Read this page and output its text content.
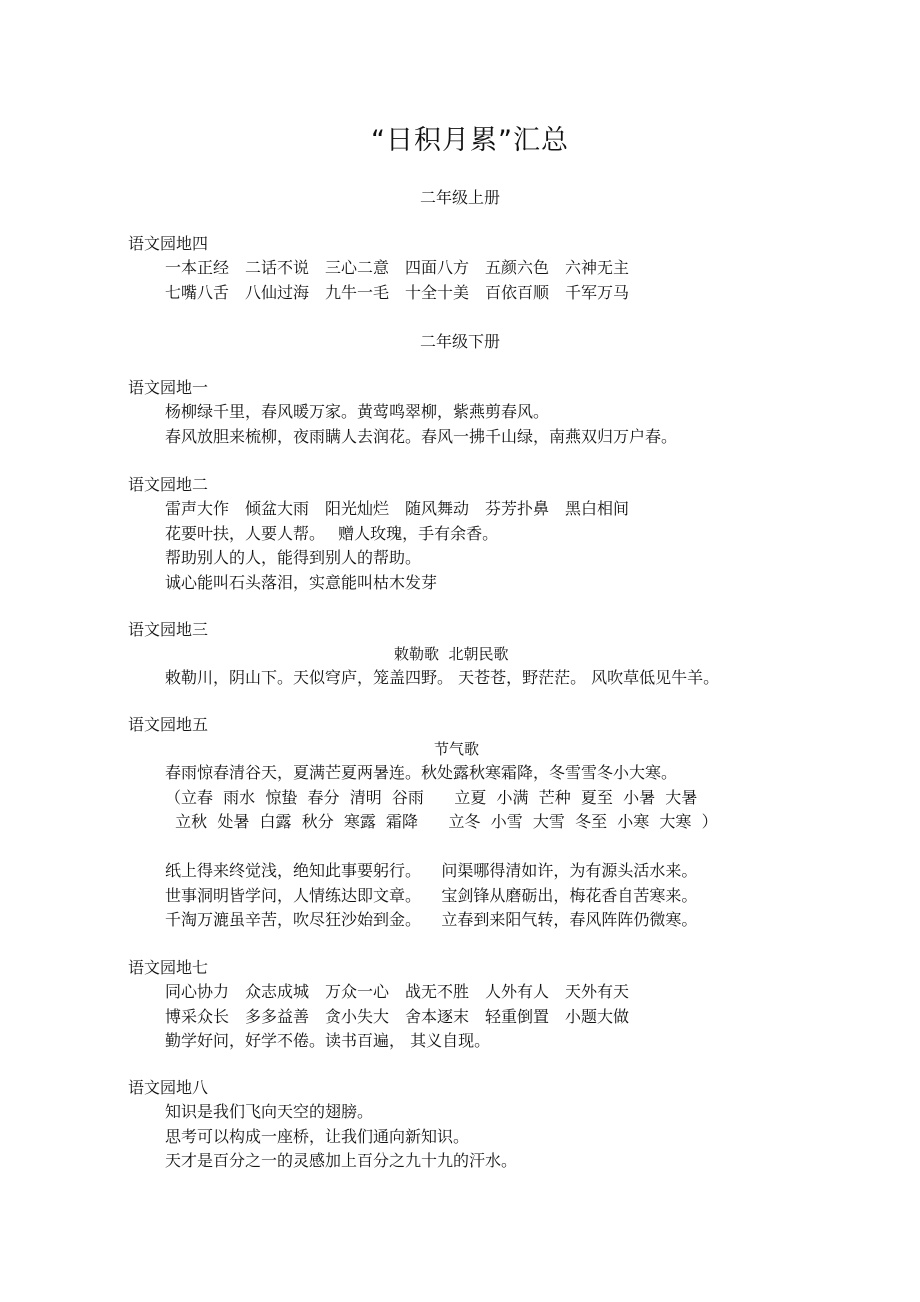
“日积月累”汇总
二年级上册
语文园地四
一本正经　二话不说　三心二意　四面八方　五颜六色　六神无主
七嘴八舌　八仙过海　九牛一毛　十全十美　百依百顺　千军万马
二年级下册
语文园地一
杨柳绿千里，春风暖万家。黄莺鸣翠柳，紫燕剪春风。
春风放胆来梳柳，夜雨瞒人去润花。春风一拂千山绿，南燕双归万户春。
语文园地二
雷声大作　倾盆大雨　阳光灿烂　随风舞动　芬芳扑鼻　黑白相间
花要叶扶，人要人帮。　 赠人玫瑰，手有余香。
帮助别人的人，能得到别人的帮助。
诚心能叫石头落泪，实意能叫枯木发芽
语文园地三
敕勒歌  北朝民歌
敕勒川，阴山下。天似穹庐，笼盖四野。 天苍苍，野茫茫。 风吹草低见牛羊。
语文园地五
节气歌
春雨惊春清谷天，夏满芒夏两暑连。秋处露秋寒霜降，冬雪雪冬小大寒。
（立春  雨水  惊蛰  春分  清明  谷雨      立夏  小满  芒种  夏至  小暑  大暑
立秋  处暑  白露  秋分  寒露  霜降      立冬  小雪  大雪  冬至  小寒  大寒  ）
纸上得来终觉浅，绝知此事要躬行。    问渠哪得清如许，为有源头活水来。
世事洞明皆学问，人情练达即文章。    宝剑锋从磨砺出，梅花香自苦寒来。
千淘万漉虽辛苦，吹尽狂沙始到金。    立春到来阳气转，春风阵阵仍微寒。
语文园地七
同心协力　众志成城　万众一心　战无不胜　人外有人　天外有天
博采众长　多多益善　贪小失大　舍本逐末　轻重倒置　小题大做
勤学好问，好学不倦。读书百遍， 其义自现。
语文园地八
知识是我们飞向天空的翅膀。
思考可以构成一座桥，让我们通向新知识。
天才是百分之一的灵感加上百分之九十九的汗水。
